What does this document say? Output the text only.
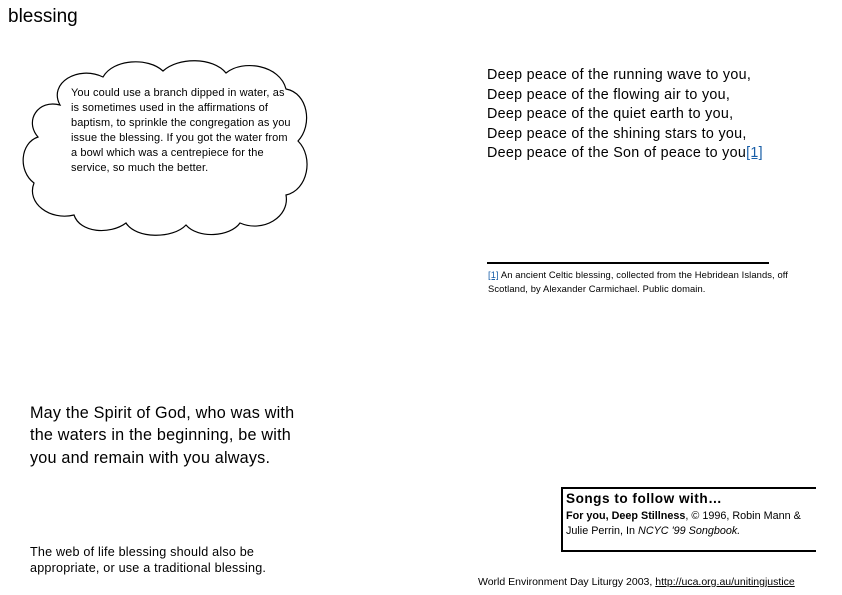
blessing
You could use a branch dipped in water, as is sometimes used in the affirmations of baptism, to sprinkle the congregation as you issue the blessing. If you got the water from a bowl which was a centrepiece for the service, so much the better.
Deep peace of the running wave to you,
Deep peace of the flowing air to you,
Deep peace of the quiet earth to you,
Deep peace of the shining stars to you,
Deep peace of the Son of peace to you[1]
[1] An ancient Celtic blessing, collected from the Hebridean Islands, off Scotland, by Alexander Carmichael. Public domain.
May the Spirit of God, who was with the waters in the beginning, be with you and remain with you always.
Songs to follow with…
For you, Deep Stillness, © 1996, Robin Mann & Julie Perrin, In NCYC '99 Songbook.
The web of life blessing should also be appropriate, or use a traditional blessing.
World Environment Day Liturgy 2003, http://uca.org.au/unitingjustice
